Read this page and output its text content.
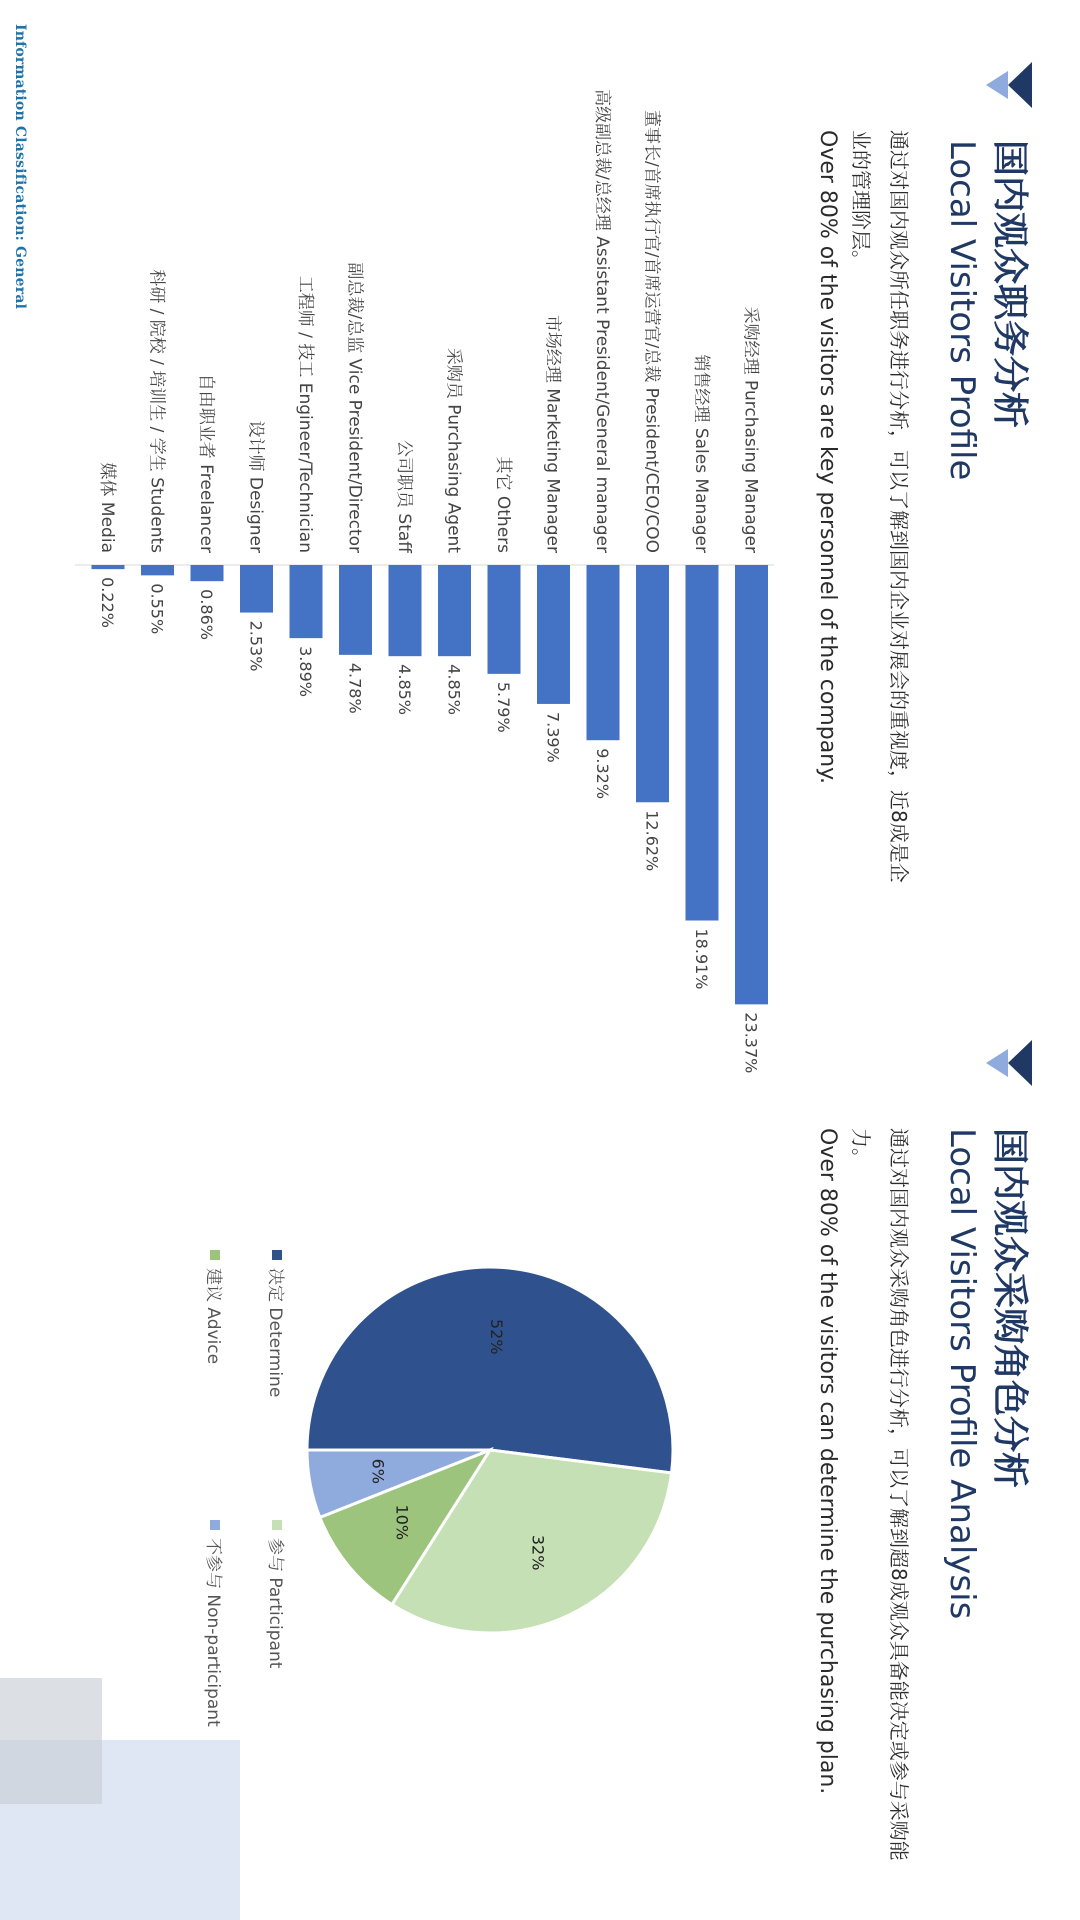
国内观众职务分析
Local Visitors Profile
通过对国内观众所任职务进行分析，可以了解到国内企业对展会的重视度，近8成是企业的管理阶层。
Over 80% of the visitors are key personnel of the company.
采购经理 Purchasing Manager
23.37%
销售经理 Sales Manager
18.91%
董事长/首席执行官/首席运营官/总裁 President/CEO/COO
12.62%
高级副总裁/总经理 Assistant President/General manager
9.32%
市场经理 Marketing Manager
7.39%
其它 Others
5.79%
采购员 Purchasing Agent
4.85%
公司职员 Staff
4.85%
副总裁/总监 Vice President/Director
4.78%
工程师 / 技工 Engineer/Technician
3.89%
设计师 Designer
2.53%
自由职业者 Freelancer
0.86%
科研 / 院校 / 培训生 / 学生 Students
0.55%
媒体 Media
0.22%
国内观众采购角色分析
Local Visitors Profile Analysis
通过对国内观众采购角色进行分析，可以了解到超8成观众具备能决定或参与采购能力。
Over 80% of the visitors can determine the purchasing plan.
52%
32%
10%
6%
决定 Determine
参与 Participant
建议 Advice
不参与 Non-participant
Information Classification: General
